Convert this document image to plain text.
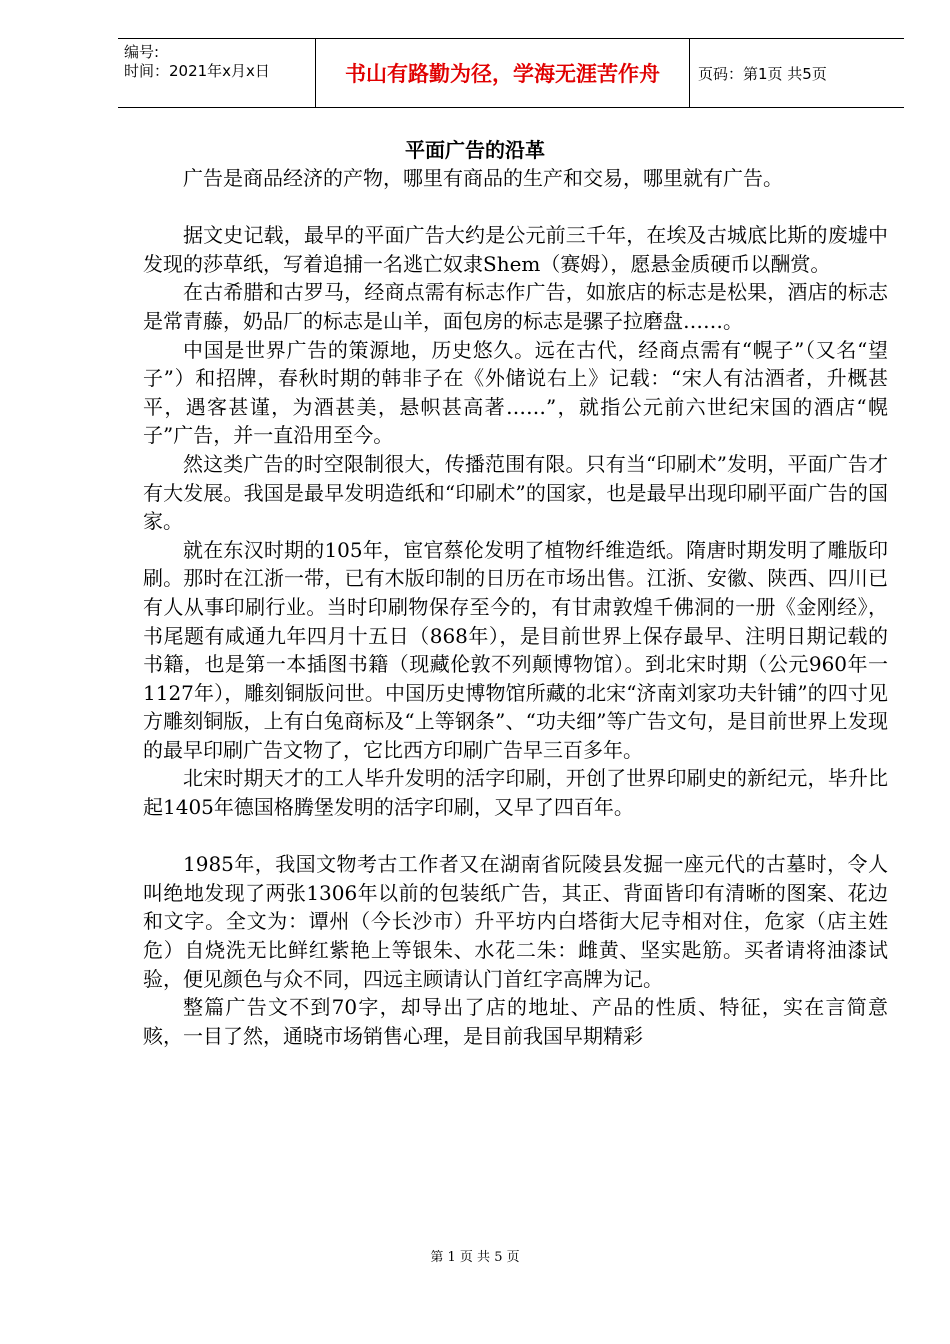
编号:
时间：2021年x月x日	书山有路勤为径，学海无涯苦作舟	页码：第1页 共5页
平面广告的沿革

广告是商品经济的产物，哪里有商品的生产和交易，哪里就有广告。

据文史记载，最早的平面广告大约是公元前三千年，在埃及古城底比斯的废墟中发现的莎草纸，写着追捕一名逃亡奴隶Shem（赛姆），愿悬金质硬币以酬赏。

在古希腊和古罗马，经商点需有标志作广告，如旅店的标志是松果，酒店的标志是常青藤，奶品厂的标志是山羊，面包房的标志是骡子拉磨盘……。

中国是世界广告的策源地，历史悠久。远在古代，经商点需有“幌子”（又名“望子”）和招牌，春秋时期的韩非子在《外储说右上》记载：“宋人有沽酒者，升概甚平，遇客甚谨，为酒甚美，悬帜甚高著……”，就指公元前六世纪宋国的酒店“幌子”广告，并一直沿用至今。

然这类广告的时空限制很大，传播范围有限。只有当“印刷术”发明，平面广告才有大发展。我国是最早发明造纸和“印刷术”的国家，也是最早出现印刷平面广告的国家。

就在东汉时期的105年，宦官蔡伦发明了植物纤维造纸。隋唐时期发明了雕版印刷。那时在江浙一带，已有木版印制的日历在市场出售。江浙、安徽、陕西、四川已有人从事印刷行业。当时印刷物保存至今的，有甘肃敦煌千佛洞的一册《金刚经》，书尾题有咸通九年四月十五日（868年），是目前世界上保存最早、注明日期记载的书籍，也是第一本插图书籍（现藏伦敦不列颠博物馆）。到北宋时期（公元960年一1127年），雕刻铜版问世。中国历史博物馆所藏的北宋“济南刘家功夫针铺”的四寸见方雕刻铜版，上有白兔商标及“上等钢条”、“功夫细”等广告文句，是目前世界上发现的最早印刷广告文物了，它比西方印刷广告早三百多年。

北宋时期天才的工人毕升发明的活字印刷，开创了世界印刷史的新纪元，毕升比起1405年德国格腾堡发明的活字印刷，又早了四百年。

1985年，我国文物考古工作者又在湖南省阮陵县发掘一座元代的古墓时，令人叫绝地发现了两张1306年以前的包装纸广告，其正、背面皆印有清晰的图案、花边和文字。全文为：谭州（今长沙市）升平坊内白塔街大尼寺相对住，危家（店主姓危）自烧洗无比鲜红紫艳上等银朱、水花二朱：雌黄、坚实匙筋。买者请将油漆试验，便见颜色与众不同，四远主顾请认门首红字高牌为记。

整篇广告文不到70字，却导出了店的地址、产品的性质、特征，实在言简意赅，一目了然，通晓市场销售心理，是目前我国早期精彩

第 1 页 共 5 页
